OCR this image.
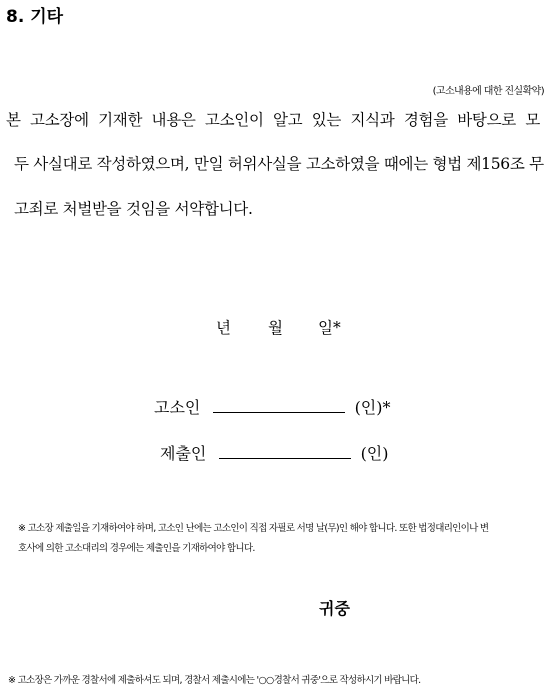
8. 기타
(고소내용에 대한 진실확약)
본 고소장에 기재한 내용은 고소인이 알고 있는 지식과 경험을 바탕으로 모
두 사실대로 작성하였으며, 만일 허위사실을 고소하였을 때에는 형법 제156조 무
고죄로 처벌받을 것임을 서약합니다.
년 월 일*
고소인	(인)*
제출인	(인)
※ 고소장 제출일을 기재하여야 하며, 고소인 난에는 고소인이 직접 자필로 서명 날(무)인 해야 합니다. 또한 법정대리인이나 변
호사에 의한 고소대리의 경우에는 제출인을 기재하여야 합니다.
귀중
※ 고소장은 가까운 경찰서에 제출하셔도 되며, 경찰서 제출시에는 '○○경찰서 귀중'으로 작성하시기 바랍니다.
